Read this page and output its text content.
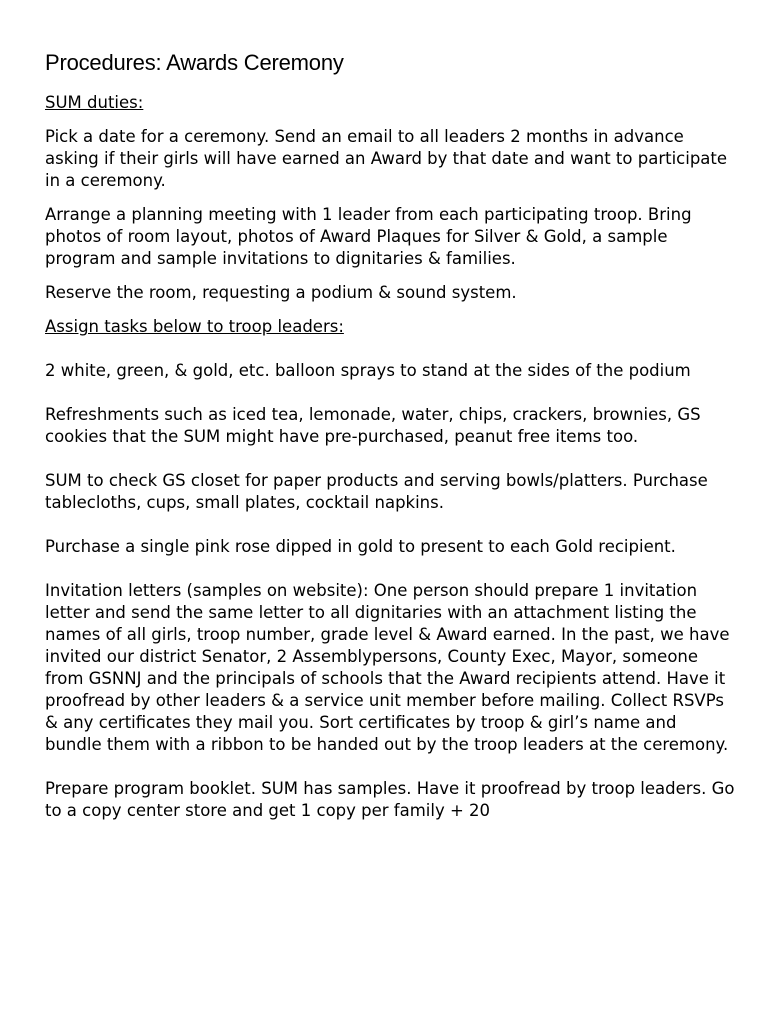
Procedures: Awards Ceremony
SUM duties:

Pick a date for a ceremony. Send an email to all leaders 2 months in advance asking if their girls will have earned an Award by that date and want to participate in a ceremony.

Arrange a planning meeting with 1 leader from each participating troop. Bring photos of room layout, photos of Award Plaques for Silver & Gold, a sample program and sample invitations to dignitaries & families.

Reserve the room, requesting a podium & sound system.

Assign tasks below to troop leaders:

2 white, green, & gold, etc. balloon sprays to stand at the sides of the podium

Refreshments such as iced tea, lemonade, water, chips, crackers, brownies, GS cookies that the SUM might have pre-purchased, peanut free items too.

SUM to check GS closet for paper products and serving bowls/platters. Purchase tablecloths, cups, small plates, cocktail napkins.

Purchase a single pink rose dipped in gold to present to each Gold recipient.

Invitation letters (samples on website): One person should prepare 1 invitation letter and send the same letter to all dignitaries with an attachment listing the names of all girls, troop number, grade level & Award earned. In the past, we have invited our district Senator, 2 Assemblypersons, County Exec, Mayor, someone from GSNNJ and the principals of schools that the Award recipients attend. Have it proofread by other leaders & a service unit member before mailing. Collect RSVPs & any certificates they mail you. Sort certificates by troop & girl’s name and bundle them with a ribbon to be handed out by the troop leaders at the ceremony.

Prepare program booklet. SUM has samples. Have it proofread by troop leaders. Go to a copy center store and get 1 copy per family + 20
